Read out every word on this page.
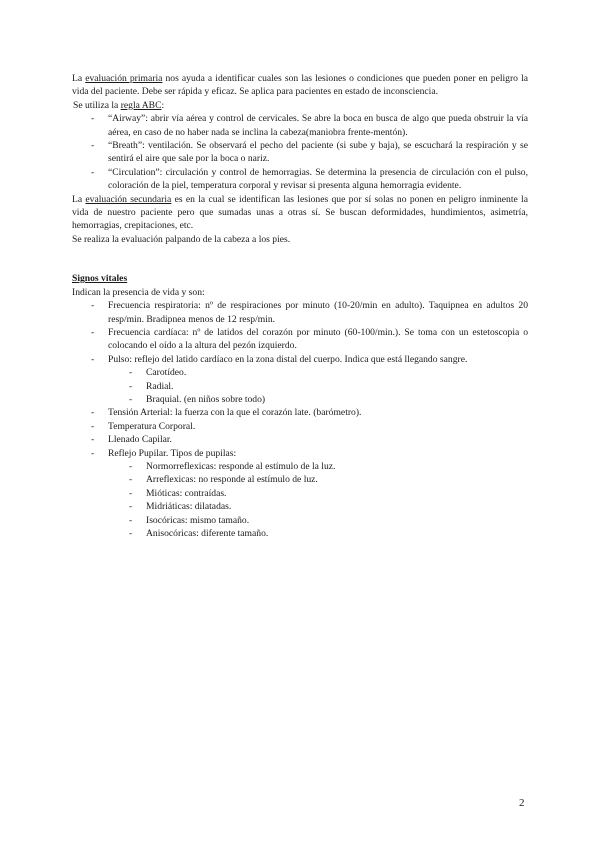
La evaluación primaria nos ayuda a identificar cuales son las lesiones o condiciones que pueden poner en peligro la vida del paciente. Debe ser rápida y eficaz. Se aplica para pacientes en estado de inconsciencia.

Se utiliza la regla ABC:

- “Airway”: abrir vía aérea y control de cervicales. Se abre la boca en busca de algo que pueda obstruir la vía aérea, en caso de no haber nada se inclina la cabeza(maniobra frente-mentón).
- “Breath”: ventilación. Se observará el pecho del paciente (si sube y baja), se escuchará la respiración y se sentirá el aire que sale por la boca o nariz.
- “Circulation”: circulación y control de hemorragias. Se determina la presencia de circulación con el pulso, coloración de la piel, temperatura corporal y revisar si presenta alguna hemorragia evidente.

La evaluación secundaria es en la cual se identifican las lesiones que por sí solas no ponen en peligro inminente la vida de nuestro paciente pero que sumadas unas a otras sí. Se buscan deformidades, hundimientos, asimetría, hemorragias, crepitaciones, etc.

Se realiza la evaluación palpando de la cabeza a los pies.

Signos vitales

Indican la presencia de vida y son:

- Frecuencia respiratoria: nº de respiraciones por minuto (10-20/min en adulto). Taquipnea en adultos 20 resp/min. Bradipnea menos de 12 resp/min.
- Frecuencia cardíaca: nº de latidos del corazón por minuto (60-100/min.). Se toma con un estetoscopia o colocando el oído a la altura del pezón izquierdo.
- Pulso: reflejo del latido cardíaco en la zona distal del cuerpo. Indica que está llegando sangre.
- Carotídeo.
- Radial.
- Braquial. (en niños sobre todo)
- Tensión Arterial: la fuerza con la que el corazón late. (barómetro).
- Temperatura Corporal.
- Llenado Capilar.
- Reflejo Pupilar. Tipos de pupilas:
- Normorreflexicas: responde al estímulo de la luz.
- Arreflexicas: no responde al estímulo de luz.
- Mióticas: contraídas.
- Midriáticas: dilatadas.
- Isocóricas: mismo tamaño.
- Anisocóricas: diferente tamaño.
2
